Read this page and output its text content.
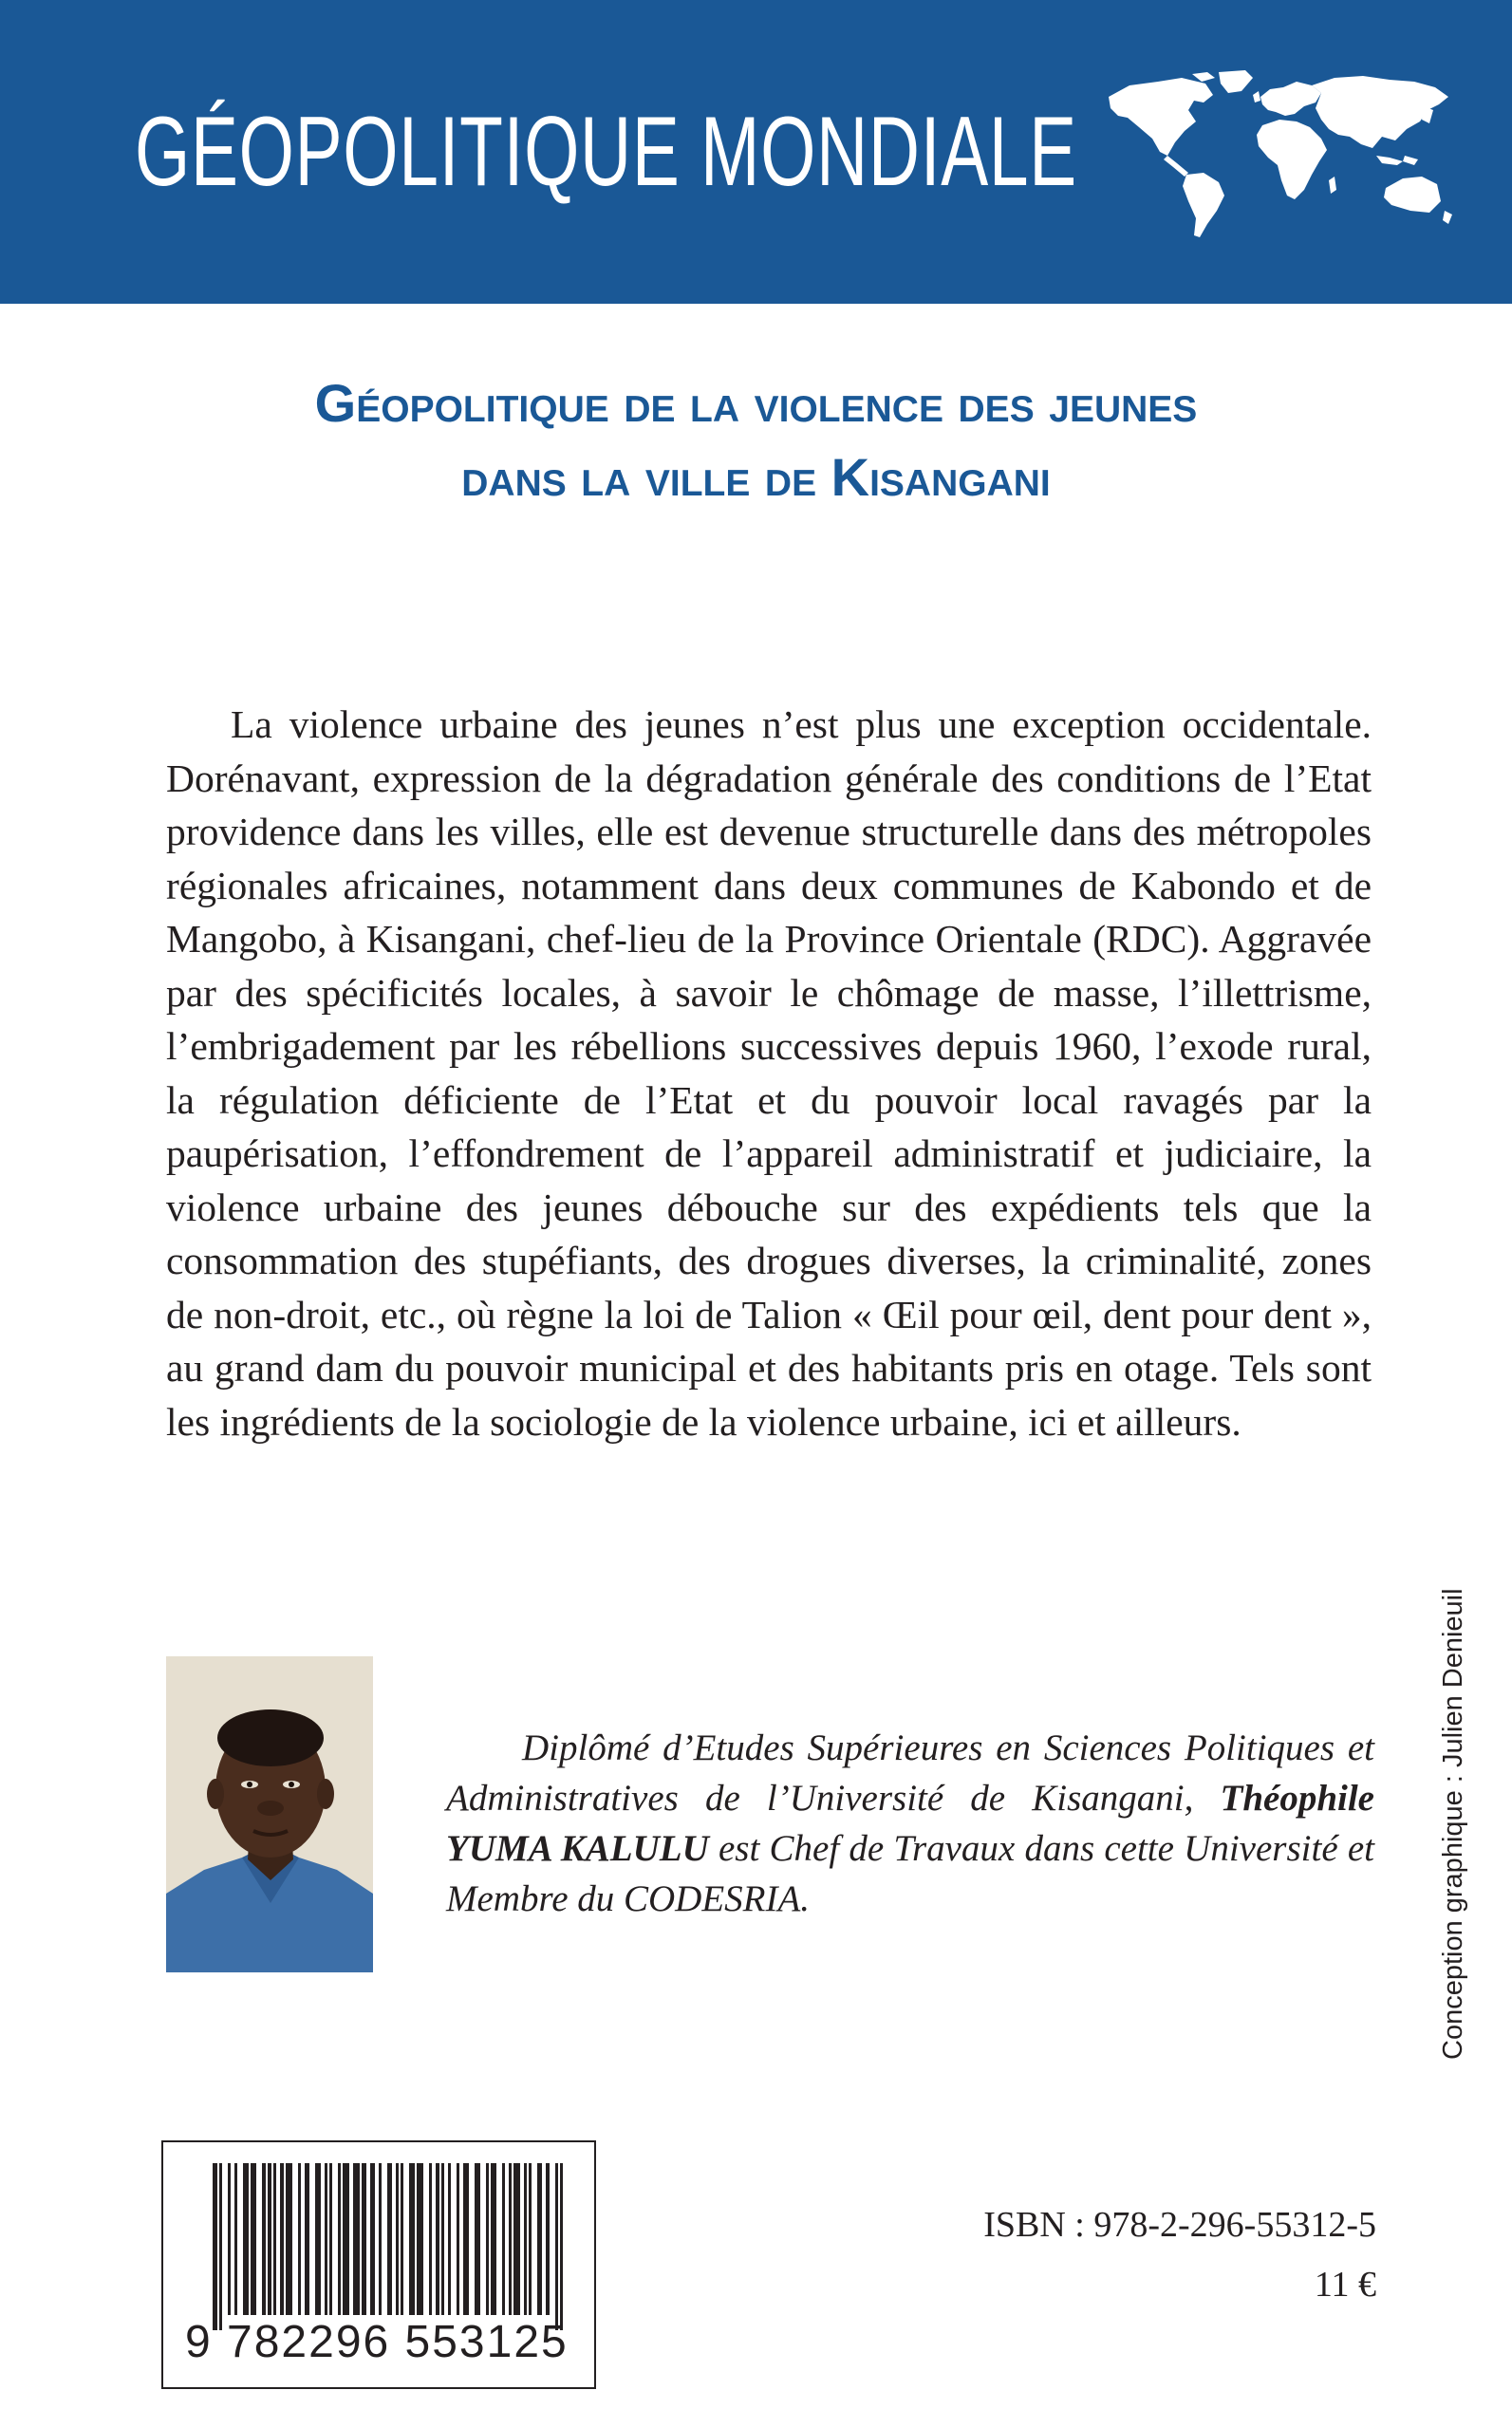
GÉOPOLITIQUE MONDIALE
Géopolitique de la violence des jeunes
dans la ville de Kisangani

La violence urbaine des jeunes n’est plus une exception occidentale. Dorénavant, expression de la dégradation générale des conditions de l’Etat providence dans les villes, elle est devenue structurelle dans des métropoles régionales africaines, notamment dans deux communes de Kabondo et de Mangobo, à Kisangani, chef-lieu de la Province Orientale (RDC). Aggravée par des spécificités locales, à savoir le chômage de masse, l’illettrisme, l’embrigadement par les rébellions successives depuis 1960, l’exode rural, la régulation déficiente de l’Etat et du pouvoir local ravagés par la paupérisation, l’effondrement de l’appareil administratif et judiciaire, la violence urbaine des jeunes débouche sur des expédients tels que la consommation des stupéfiants, des drogues diverses, la criminalité, zones de non-droit, etc., où règne la loi de Talion « Œil pour œil, dent pour dent », au grand dam du pouvoir municipal et des habitants pris en otage. Tels sont les ingrédients de la sociologie de la violence urbaine, ici et ailleurs.

Diplômé d’Etudes Supérieures en Sciences Politiques et Administratives de l’Université de Kisangani, Théophile YUMA KALULU est Chef de Travaux dans cette Université et Membre du CODESRIA.	Conception graphique : Julien Denieuil
9 782296 553125
ISBN : 978-2-296-55312-5
11 €
